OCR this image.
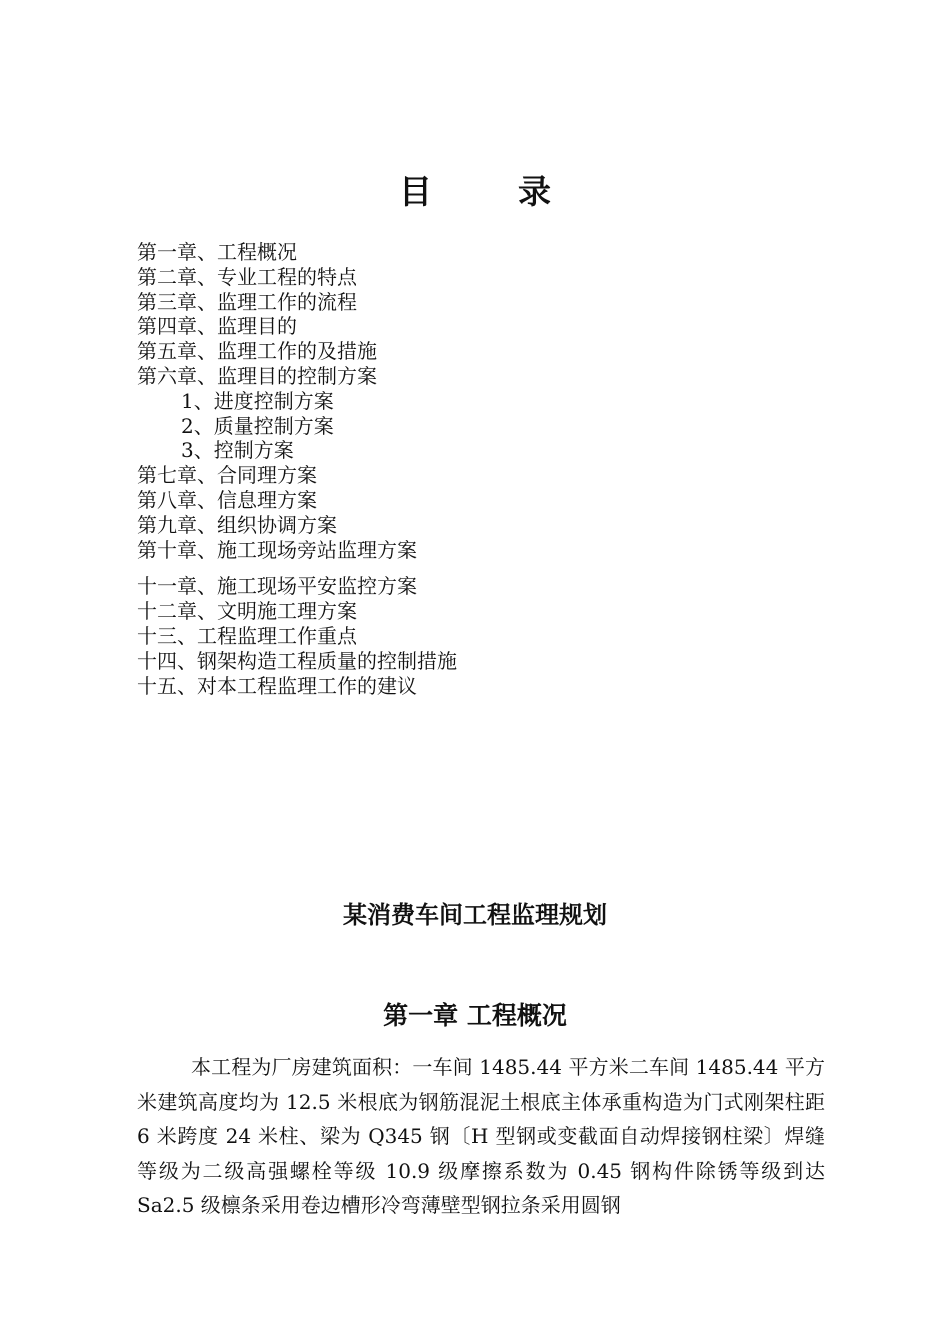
目录
第一章、工程概况
第二章、专业工程的特点
第三章、监理工作的流程
第四章、监理目的
第五章、监理工作的及措施
第六章、监理目的控制方案
1、进度控制方案
2、质量控制方案
3、控制方案
第七章、合同理方案
第八章、信息理方案
第九章、组织协调方案
第十章、施工现场旁站监理方案
十一章、施工现场平安监控方案
十二章、文明施工理方案
十三、工程监理工作重点
十四、钢架构造工程质量的控制措施
十五、对本工程监理工作的建议
某消费车间工程监理规划
第一章 工程概况

本工程为厂房建筑面积：一车间 1485.44 平方米二车间 1485.44 平方米建筑高度均为 12.5 米根底为钢筋混泥土根底主体承重构造为门式刚架柱距 6 米跨度 24 米柱、梁为 Q345 钢〔H 型钢或变截面自动焊接钢柱梁〕焊缝等级为二级高强螺栓等级 10.9 级摩擦系数为 0.45 钢构件除锈等级到达 Sa2.5 级檩条采用卷边槽形冷弯薄壁型钢拉条采用圆钢
